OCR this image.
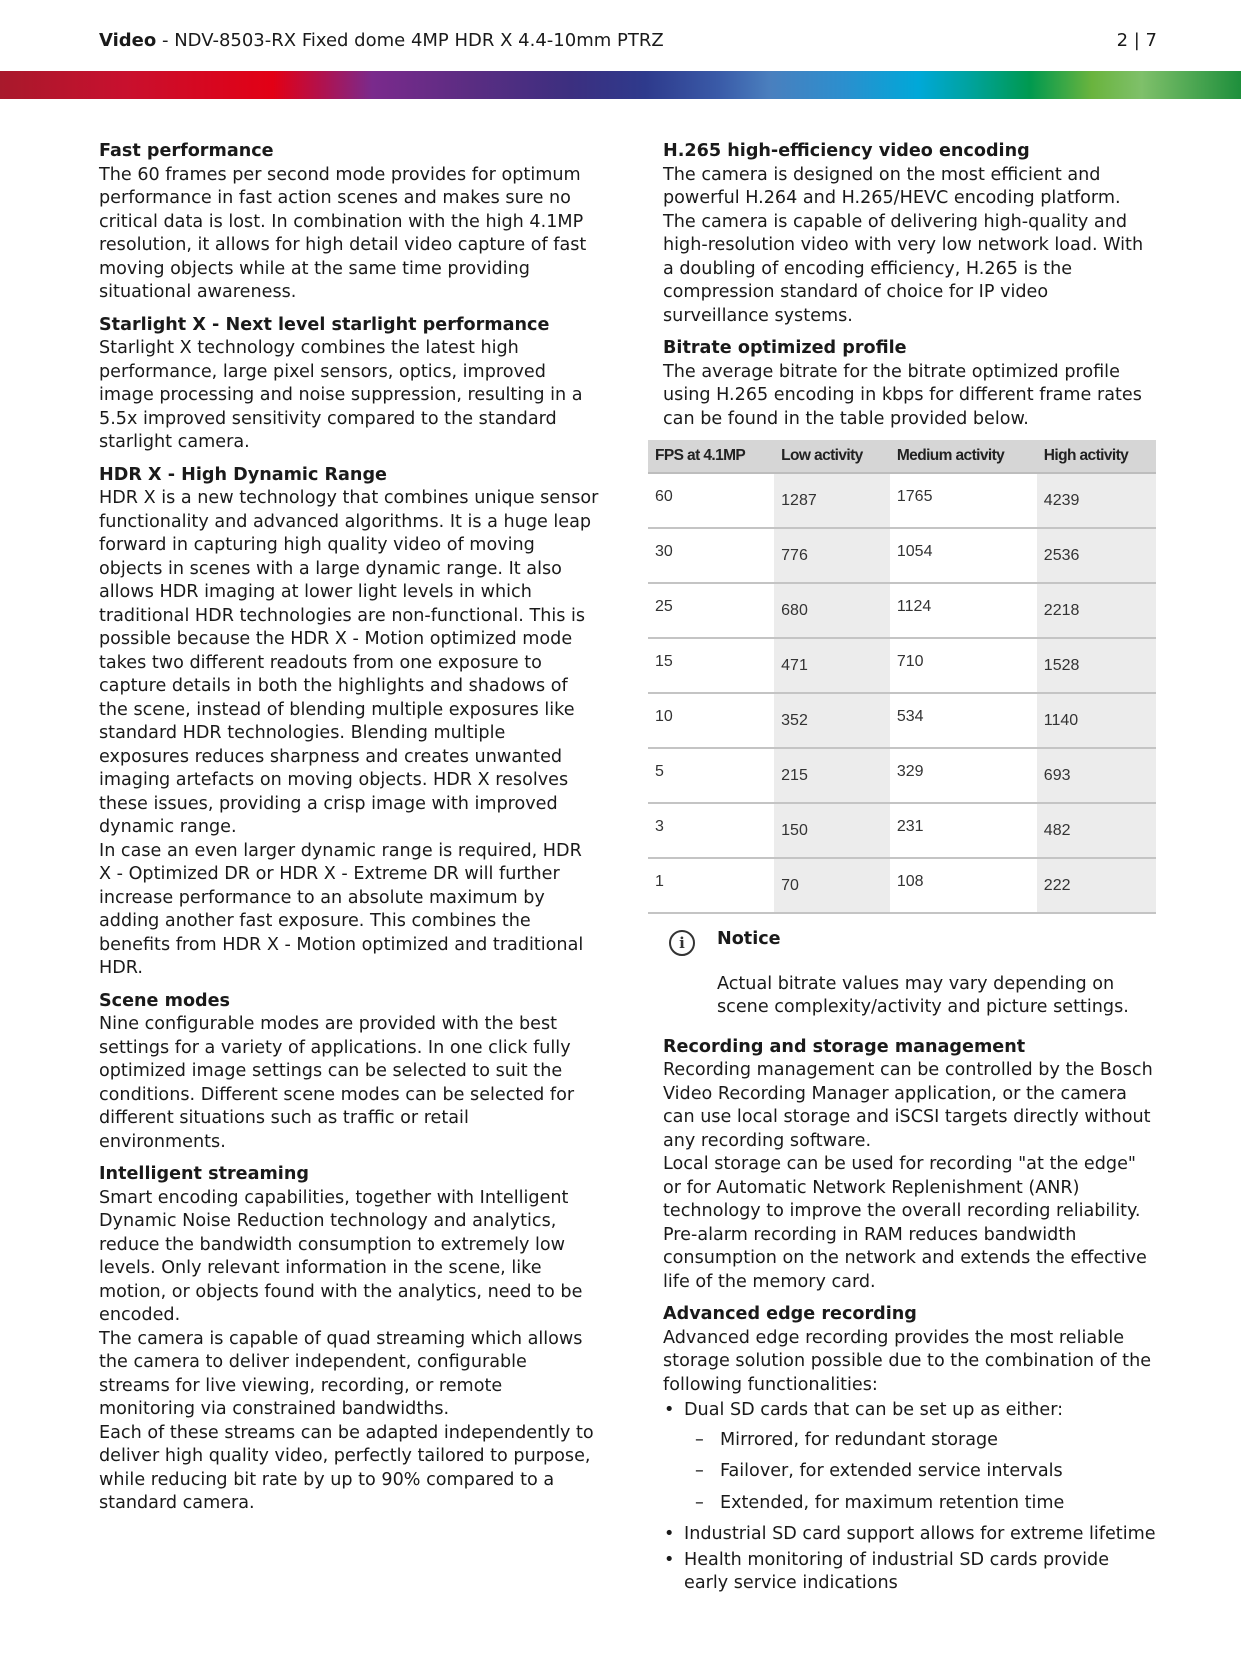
Video - NDV-8503-RX Fixed dome 4MP HDR X 4.4-10mm PTRZ	2 | 7
Fast performance

The 60 frames per second mode provides for optimum performance in fast action scenes and makes sure no critical data is lost. In combination with the high 4.1MP resolution, it allows for high detail video capture of fast moving objects while at the same time providing situational awareness.

Starlight X - Next level starlight performance

Starlight X technology combines the latest high performance, large pixel sensors, optics, improved image processing and noise suppression, resulting in a 5.5x improved sensitivity compared to the standard starlight camera.

HDR X - High Dynamic Range

HDR X is a new technology that combines unique sensor functionality and advanced algorithms. It is a huge leap forward in capturing high quality video of moving objects in scenes with a large dynamic range. It also allows HDR imaging at lower light levels in which traditional HDR technologies are non-functional. This is possible because the HDR X - Motion optimized mode takes two different readouts from one exposure to capture details in both the highlights and shadows of the scene, instead of blending multiple exposures like standard HDR technologies. Blending multiple exposures reduces sharpness and creates unwanted imaging artefacts on moving objects. HDR X resolves these issues, providing a crisp image with improved dynamic range.

In case an even larger dynamic range is required, HDR X - Optimized DR or HDR X - Extreme DR will further increase performance to an absolute maximum by adding another fast exposure. This combines the benefits from HDR X - Motion optimized and traditional HDR.

Scene modes

Nine configurable modes are provided with the best settings for a variety of applications. In one click fully optimized image settings can be selected to suit the conditions. Different scene modes can be selected for different situations such as traffic or retail environments.

Intelligent streaming

Smart encoding capabilities, together with Intelligent Dynamic Noise Reduction technology and analytics, reduce the bandwidth consumption to extremely low levels. Only relevant information in the scene, like motion, or objects found with the analytics, need to be encoded.

The camera is capable of quad streaming which allows the camera to deliver independent, configurable streams for live viewing, recording, or remote monitoring via constrained bandwidths.

Each of these streams can be adapted independently to deliver high quality video, perfectly tailored to purpose, while reducing bit rate by up to 90% compared to a standard camera.

H.265 high-efficiency video encoding

The camera is designed on the most efficient and powerful H.264 and H.265/HEVC encoding platform. The camera is capable of delivering high-quality and high-resolution video with very low network load. With a doubling of encoding efficiency, H.265 is the compression standard of choice for IP video surveillance systems.

Bitrate optimized profile

The average bitrate for the bitrate optimized profile using H.265 encoding in kbps for different frame rates can be found in the table provided below.

FPS at 4.1MP	Low activity	Medium activity	High activity
60	1287	1765	4239
30	776	1054	2536
25	680	1124	2218
15	471	710	1528
10	352	534	1140
5	215	329	693
3	150	231	482
1	70	108	222
i	Notice

Actual bitrate values may vary depending on scene complexity/activity and picture settings.

Recording and storage management

Recording management can be controlled by the Bosch Video Recording Manager application, or the camera can use local storage and iSCSI targets directly without any recording software.

Local storage can be used for recording "at the edge" or for Automatic Network Replenishment (ANR) technology to improve the overall recording reliability. Pre-alarm recording in RAM reduces bandwidth consumption on the network and extends the effective life of the memory card.

Advanced edge recording

Advanced edge recording provides the most reliable storage solution possible due to the combination of the following functionalities:

• Dual SD cards that can be set up as either:
– Mirrored, for redundant storage
– Failover, for extended service intervals
– Extended, for maximum retention time
• Industrial SD card support allows for extreme lifetime
• Health monitoring of industrial SD cards provide early service indications
